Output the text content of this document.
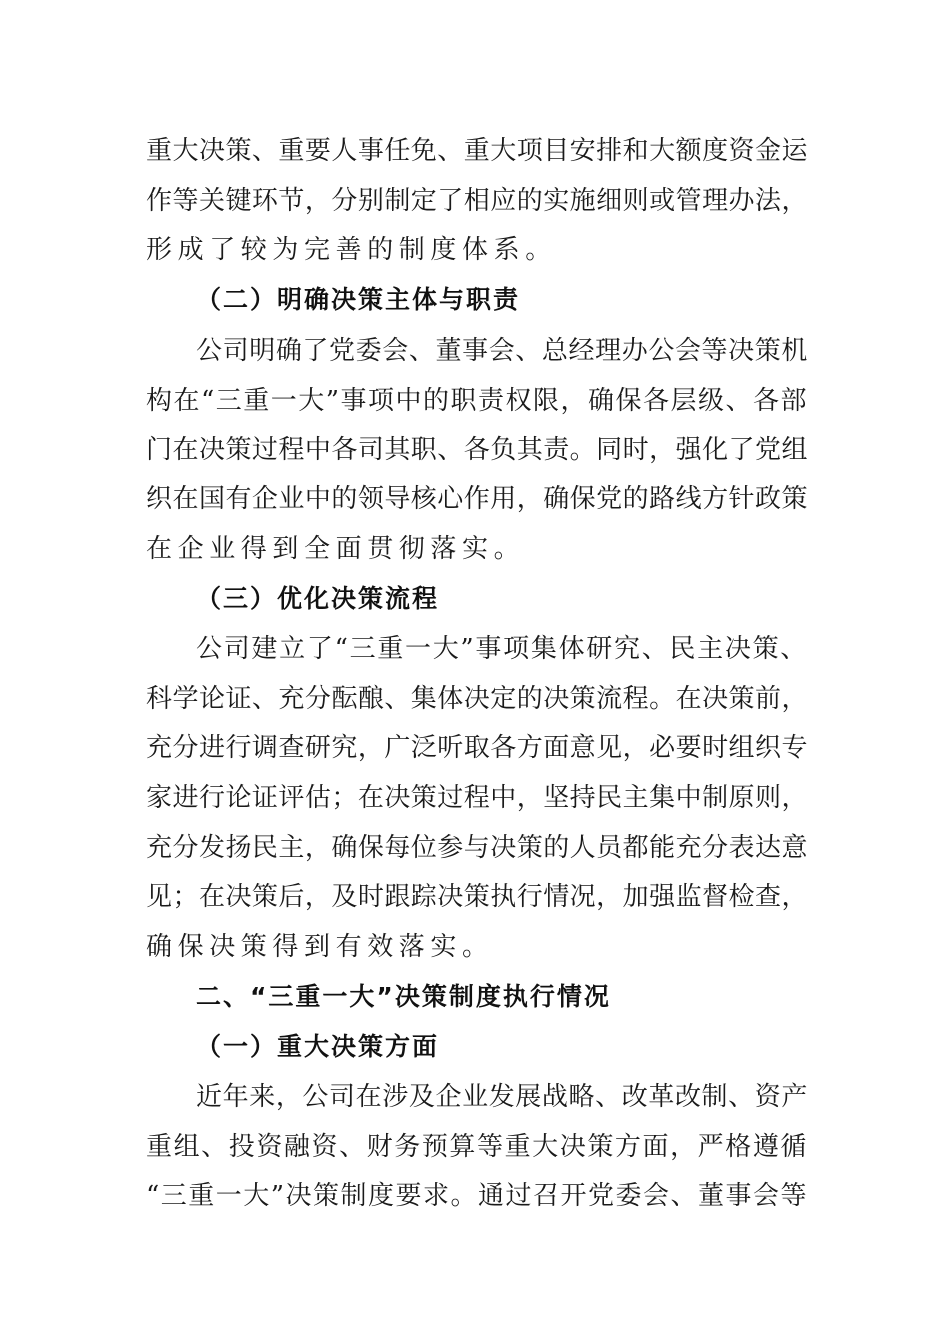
重大决策、重要人事任免、重大项目安排和大额度资金运
作等关键环节，分别制定了相应的实施细则或管理办法，
形成了较为完善的制度体系。
（二）明确决策主体与职责
公司明确了党委会、董事会、总经理办公会等决策机
构在“三重一大”事项中的职责权限，确保各层级、各部
门在决策过程中各司其职、各负其责。同时，强化了党组
织在国有企业中的领导核心作用，确保党的路线方针政策
在企业得到全面贯彻落实。
（三）优化决策流程
公司建立了“三重一大”事项集体研究、民主决策、
科学论证、充分酝酿、集体决定的决策流程。在决策前，
充分进行调查研究，广泛听取各方面意见，必要时组织专
家进行论证评估；在决策过程中，坚持民主集中制原则，
充分发扬民主，确保每位参与决策的人员都能充分表达意
见；在决策后，及时跟踪决策执行情况，加强监督检查，
确保决策得到有效落实。
二、“三重一大”决策制度执行情况
（一）重大决策方面
近年来，公司在涉及企业发展战略、改革改制、资产
重组、投资融资、财务预算等重大决策方面，严格遵循
“三重一大”决策制度要求。通过召开党委会、董事会等
